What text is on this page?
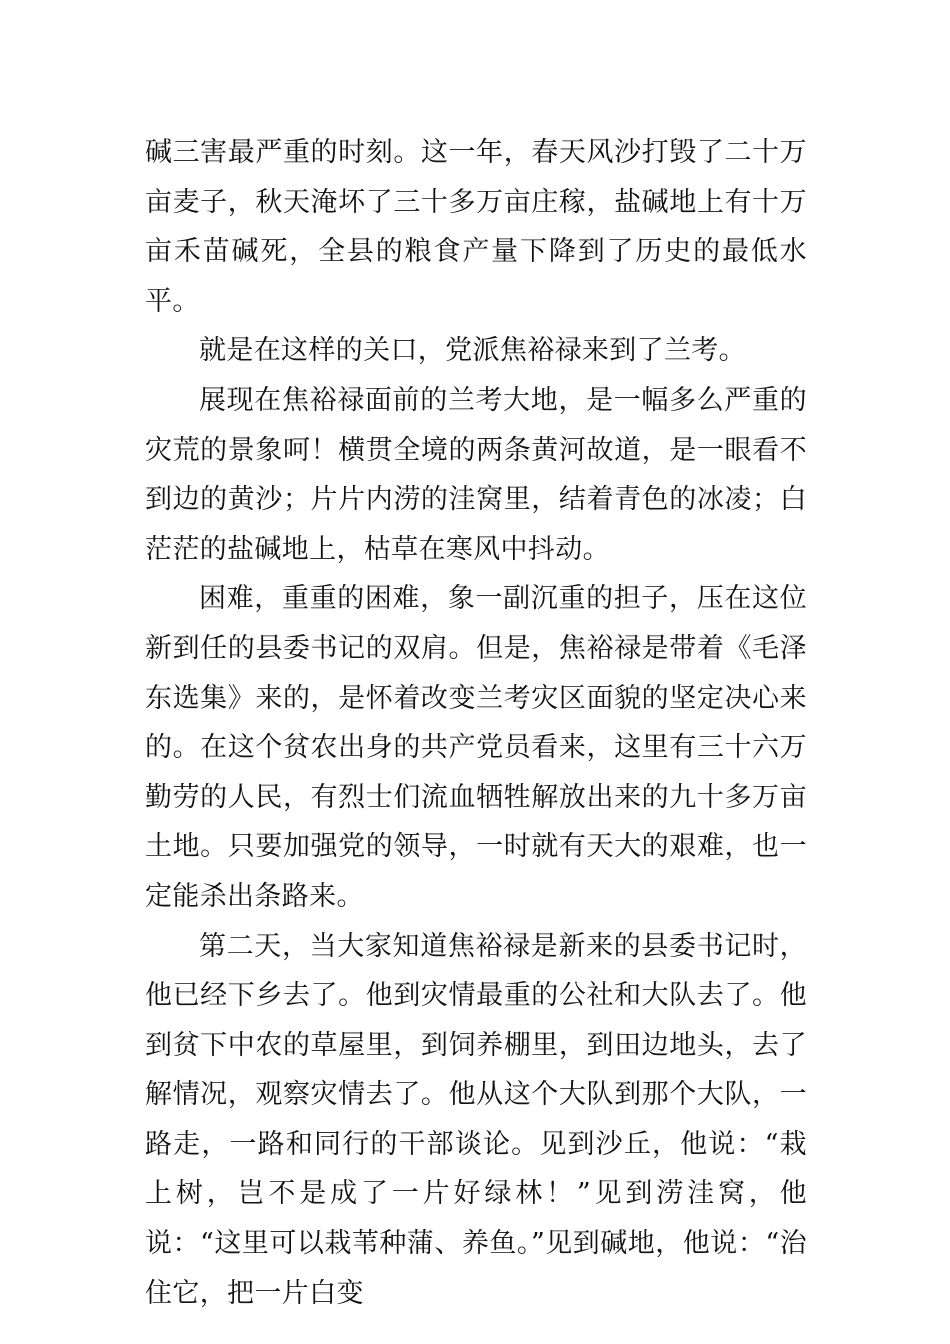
碱三害最严重的时刻。这一年，春天风沙打毁了二十万亩麦子，秋天淹坏了三十多万亩庄稼，盐碱地上有十万亩禾苗碱死，全县的粮食产量下降到了历史的最低水平。

就是在这样的关口，党派焦裕禄来到了兰考。

展现在焦裕禄面前的兰考大地，是一幅多么严重的灾荒的景象呵！横贯全境的两条黄河故道，是一眼看不到边的黄沙；片片内涝的洼窝里，结着青色的冰凌；白茫茫的盐碱地上，枯草在寒风中抖动。

困难，重重的困难，象一副沉重的担子，压在这位新到任的县委书记的双肩。但是，焦裕禄是带着《毛泽东选集》来的，是怀着改变兰考灾区面貌的坚定决心来的。在这个贫农出身的共产党员看来，这里有三十六万勤劳的人民，有烈士们流血牺牲解放出来的九十多万亩土地。只要加强党的领导，一时就有天大的艰难，也一定能杀出条路来。

第二天，当大家知道焦裕禄是新来的县委书记时，他已经下乡去了。他到灾情最重的公社和大队去了。他到贫下中农的草屋里，到饲养棚里，到田边地头，去了解情况，观察灾情去了。他从这个大队到那个大队，一路走，一路和同行的干部谈论。见到沙丘，他说：“栽上树，岂不是成了一片好绿林！”见到涝洼窝，他说：“这里可以栽苇种蒲、养鱼。”见到碱地，他说：“治住它，把一片白变
